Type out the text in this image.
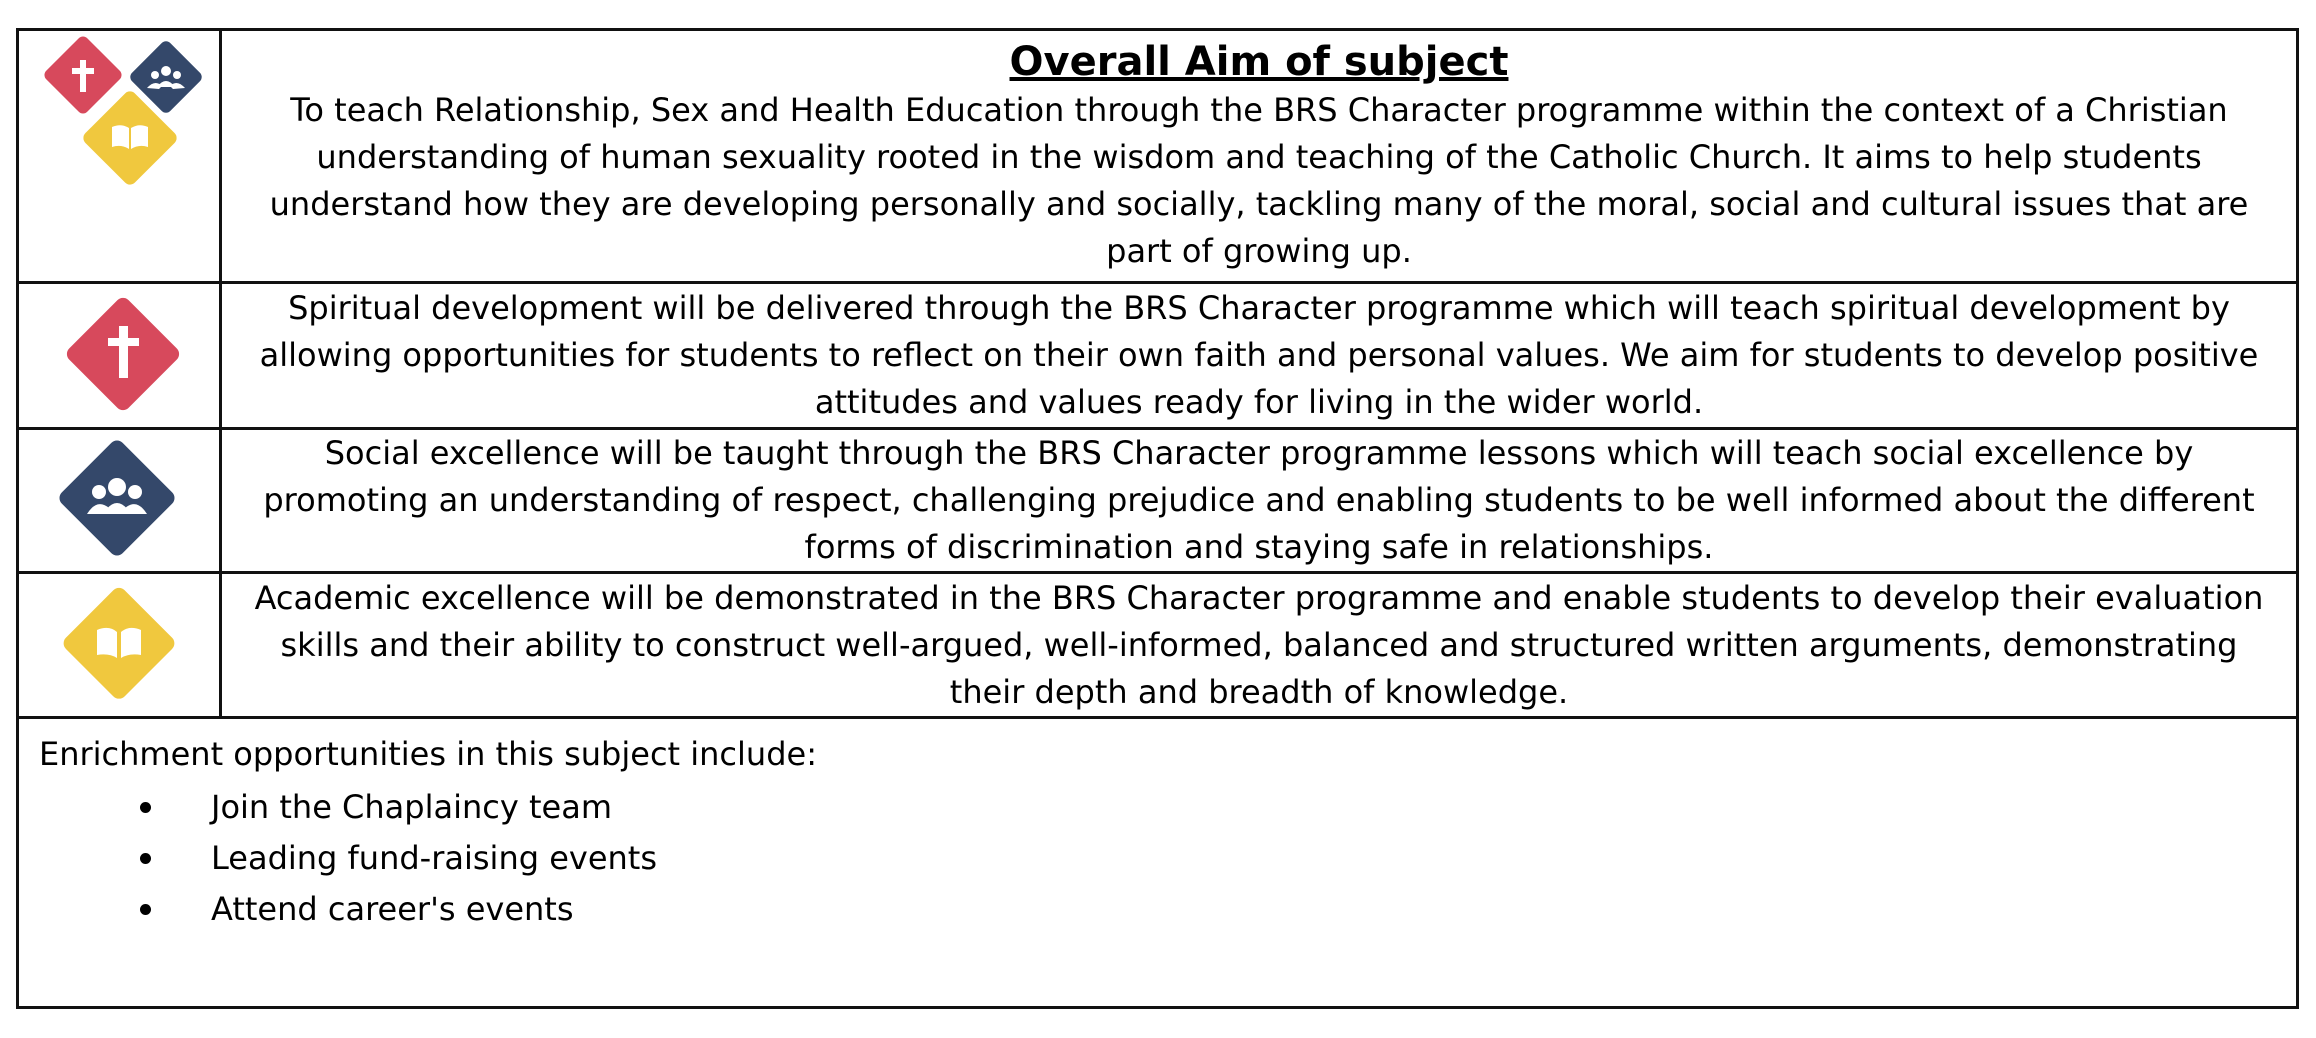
Overall Aim of subject
To teach Relationship, Sex and Health Education through the BRS Character programme within the context of a Christian understanding of human sexuality rooted in the wisdom and teaching of the Catholic Church. It aims to help students understand how they are developing personally and socially, tackling many of the moral, social and cultural issues that are part of growing up.
Spiritual development will be delivered through the BRS Character programme which will teach spiritual development by allowing opportunities for students to reflect on their own faith and personal values. We aim for students to develop positive attitudes and values ready for living in the wider world.
Social excellence will be taught through the BRS Character programme lessons which will teach social excellence by promoting an understanding of respect, challenging prejudice and enabling students to be well informed about the different forms of discrimination and staying safe in relationships.
Academic excellence will be demonstrated in the BRS Character programme and enable students to develop their evaluation skills and their ability to construct well-argued, well-informed, balanced and structured written arguments, demonstrating their depth and breadth of knowledge.
Enrichment opportunities in this subject include:
Join the Chaplaincy team
Leading fund-raising events
Attend career's events
